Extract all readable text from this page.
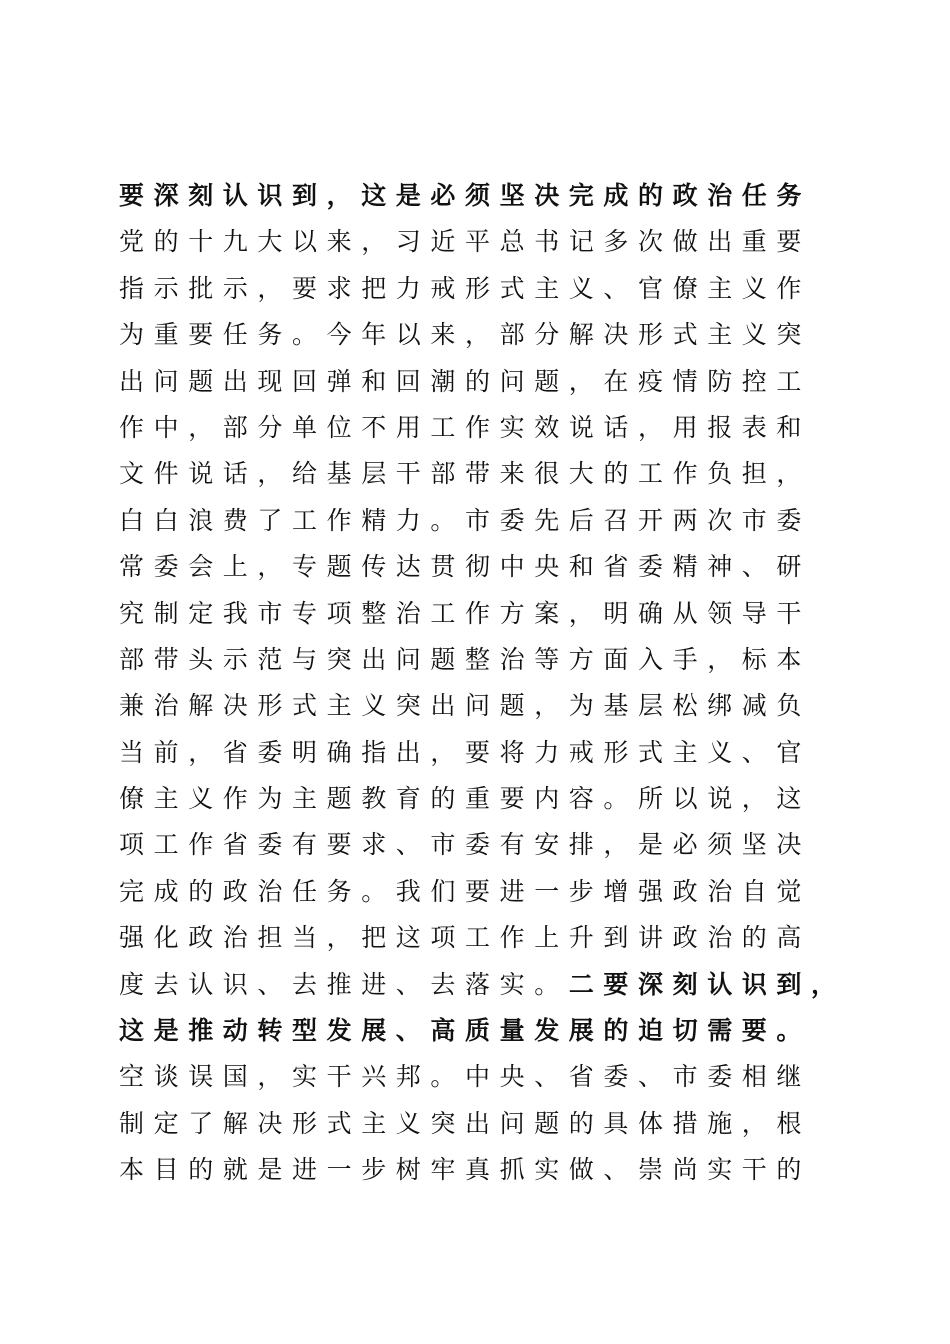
要深刻认识到，这是必须坚决完成的政治任务
党的十九大以来，习近平总书记多次做出重要
指示批示，要求把力戒形式主义、官僚主义作
为重要任务。今年以来，部分解决形式主义突
出问题出现回弹和回潮的问题，在疫情防控工
作中，部分单位不用工作实效说话，用报表和
文件说话，给基层干部带来很大的工作负担，
白白浪费了工作精力。市委先后召开两次市委
常委会上，专题传达贯彻中央和省委精神、研
究制定我市专项整治工作方案，明确从领导干
部带头示范与突出问题整治等方面入手，标本
兼治解决形式主义突出问题，为基层松绑减负
当前，省委明确指出，要将力戒形式主义、官
僚主义作为主题教育的重要内容。所以说，这
项工作省委有要求、市委有安排，是必须坚决
完成的政治任务。我们要进一步增强政治自觉
强化政治担当，把这项工作上升到讲政治的高
度去认识、去推进、去落实。二要深刻认识到，
这是推动转型发展、高质量发展的迫切需要。
空谈误国，实干兴邦。中央、省委、市委相继
制定了解决形式主义突出问题的具体措施，根
本目的就是进一步树牢真抓实做、崇尚实干的
